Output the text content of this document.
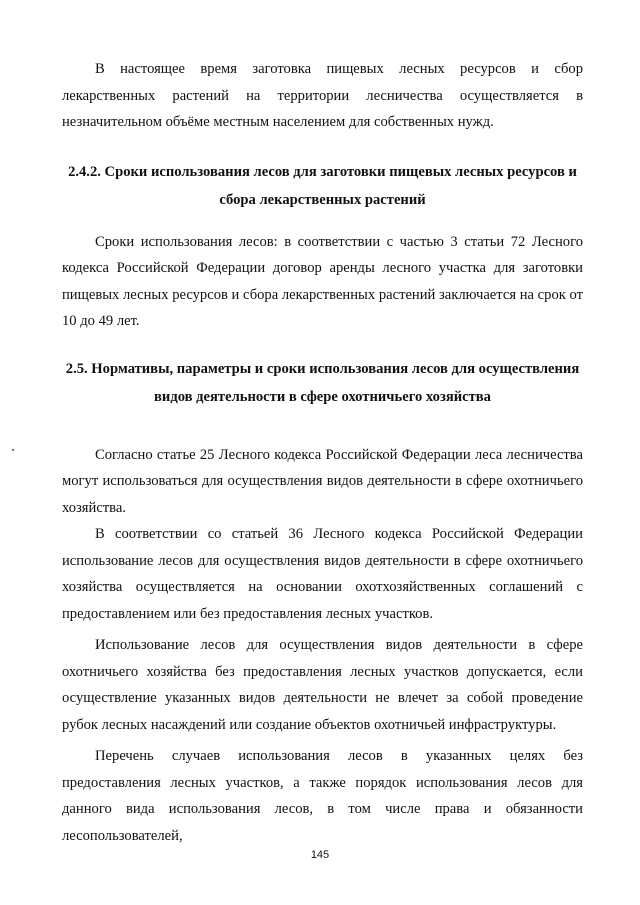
В настоящее время заготовка пищевых лесных ресурсов и сбор лекарственных растений на территории лесничества осуществляется в незначительном объёме местным населением для собственных нужд.

2.4.2. Сроки использования лесов для заготовки пищевых лесных ресурсов и сбора лекарственных растений

Сроки использования лесов: в соответствии с частью 3 статьи 72 Лесного кодекса Российской Федерации договор аренды лесного участка для заготовки пищевых лесных ресурсов и сбора лекарственных растений заключается на срок от 10 до 49 лет.

2.5. Нормативы, параметры и сроки использования лесов для осуществления видов деятельности в сфере охотничьего хозяйства

Согласно статье 25 Лесного кодекса Российской Федерации леса лесничества могут использоваться для осуществления видов деятельности в сфере охотничьего хозяйства.

В соответствии со статьей 36 Лесного кодекса Российской Федерации использование лесов для осуществления видов деятельности в сфере охотничьего хозяйства осуществляется на основании охотхозяйственных соглашений с предоставлением или без предоставления лесных участков.

Использование лесов для осуществления видов деятельности в сфере охотничьего хозяйства без предоставления лесных участков допускается, если осуществление указанных видов деятельности не влечет за собой проведение рубок лесных насаждений или создание объектов охотничьей инфраструктуры.

Перечень случаев использования лесов в указанных целях без предоставления лесных участков, а также порядок использования лесов для данного вида использования лесов, в том числе права и обязанности лесопользователей,

145
